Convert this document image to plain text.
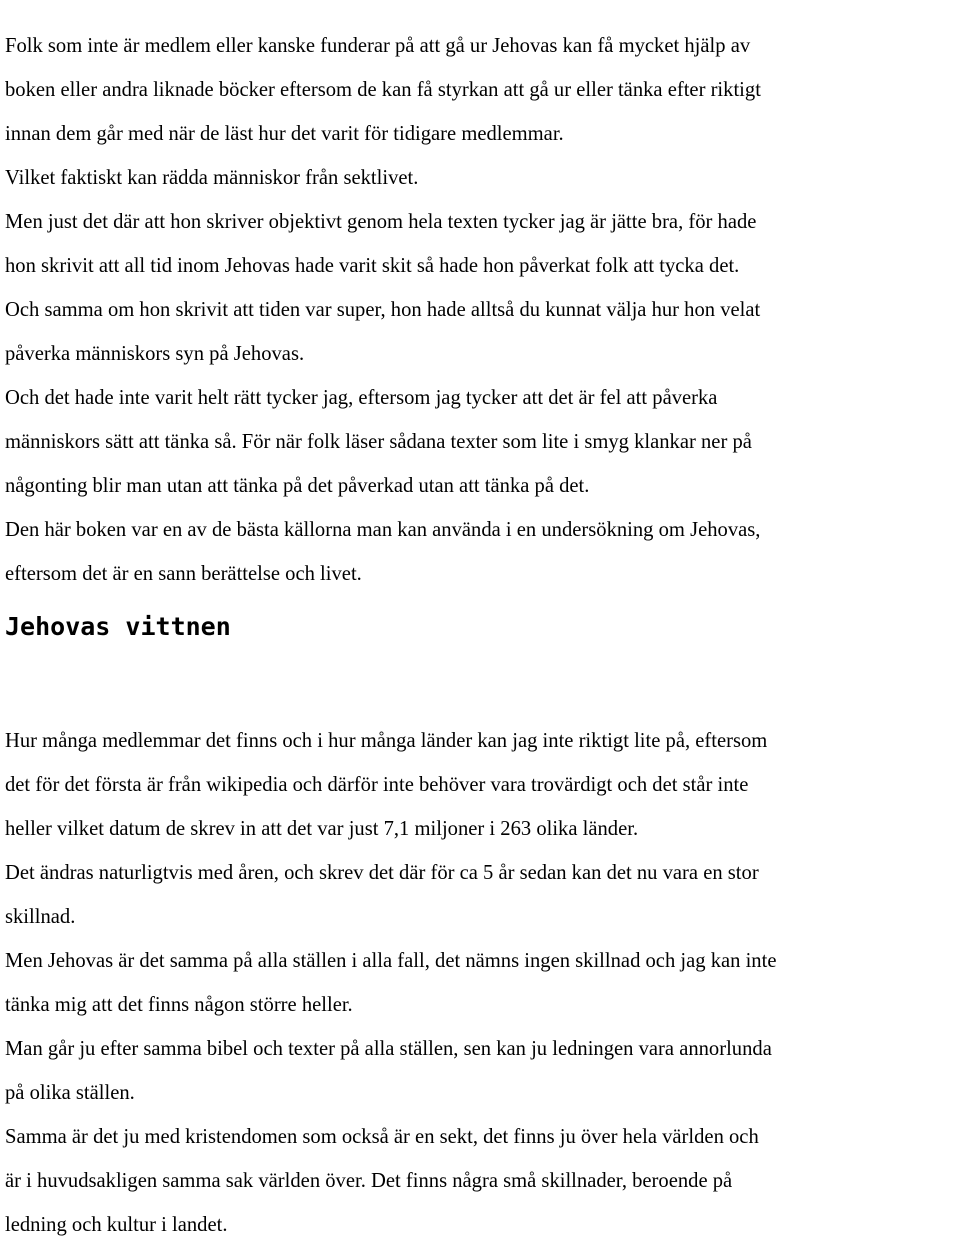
Folk som inte är medlem eller kanske funderar på att gå ur Jehovas kan få mycket hjälp av
boken eller andra liknade böcker eftersom de kan få styrkan att gå ur eller tänka efter riktigt
innan dem går med när de läst hur det varit för tidigare medlemmar.
Vilket faktiskt kan rädda människor från sektlivet.

Men just det där att hon skriver objektivt genom hela texten tycker jag är jätte bra, för hade
hon skrivit att all tid inom Jehovas hade varit skit så hade hon påverkat folk att tycka det.
Och samma om hon skrivit att tiden var super, hon hade alltså du kunnat välja hur hon velat
påverka människors syn på Jehovas.
Och det hade inte varit helt rätt tycker jag, eftersom jag tycker att det är fel att påverka
människors sätt att tänka så. För när folk läser sådana texter som lite i smyg klankar ner på
någonting blir man utan att tänka på det påverkad utan att tänka på det.

Den här boken var en av de bästa källorna man kan använda i en undersökning om Jehovas,
eftersom det är en sann berättelse och livet.

Jehovas vittnen

Hur många medlemmar det finns och i hur många länder kan jag inte riktigt lite på, eftersom
det för det första är från wikipedia och därför inte behöver vara trovärdigt och det står inte
heller vilket datum de skrev in att det var just 7,1 miljoner i 263 olika länder.
Det ändras naturligtvis med åren, och skrev det där för ca 5 år sedan kan det nu vara en stor
skillnad.
Men Jehovas är det samma på alla ställen i alla fall, det nämns ingen skillnad och jag kan inte
tänka mig att det finns någon större heller.
Man går ju efter samma bibel och texter på alla ställen, sen kan ju ledningen vara annorlunda
på olika ställen.
Samma är det ju med kristendomen som också är en sekt, det finns ju över hela världen och
är i huvudsakligen samma sak världen över. Det finns några små skillnader, beroende på
ledning och kultur i landet.
